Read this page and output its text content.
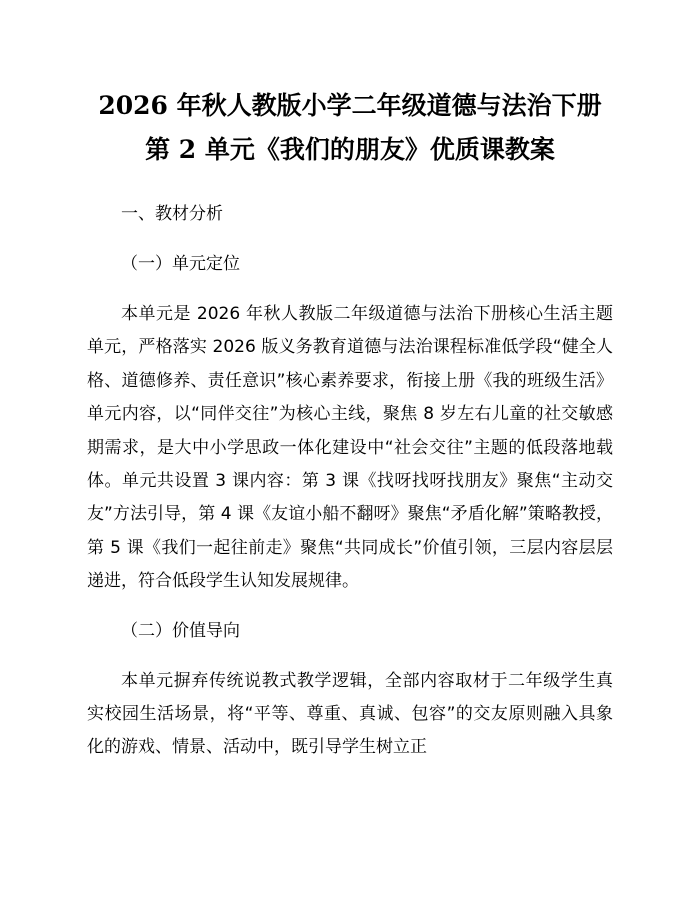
2026 年秋人教版小学二年级道德与法治下册
第 2 单元《我们的朋友》优质课教案

一、教材分析

（一）单元定位

本单元是 2026 年秋人教版二年级道德与法治下册核心生活主题单元，严格落实 2026 版义务教育道德与法治课程标准低学段“健全人格、道德修养、责任意识”核心素养要求，衔接上册《我的班级生活》单元内容，以“同伴交往”为核心主线，聚焦 8 岁左右儿童的社交敏感期需求，是大中小学思政一体化建设中“社会交往”主题的低段落地载体。单元共设置 3 课内容：第 3 课《找呀找呀找朋友》聚焦“主动交友”方法引导，第 4 课《友谊小船不翻呀》聚焦“矛盾化解”策略教授，第 5 课《我们一起往前走》聚焦“共同成长”价值引领，三层内容层层递进，符合低段学生认知发展规律。

（二）价值导向

本单元摒弃传统说教式教学逻辑，全部内容取材于二年级学生真实校园生活场景，将“平等、尊重、真诚、包容”的交友原则融入具象化的游戏、情景、活动中，既引导学生树立正
